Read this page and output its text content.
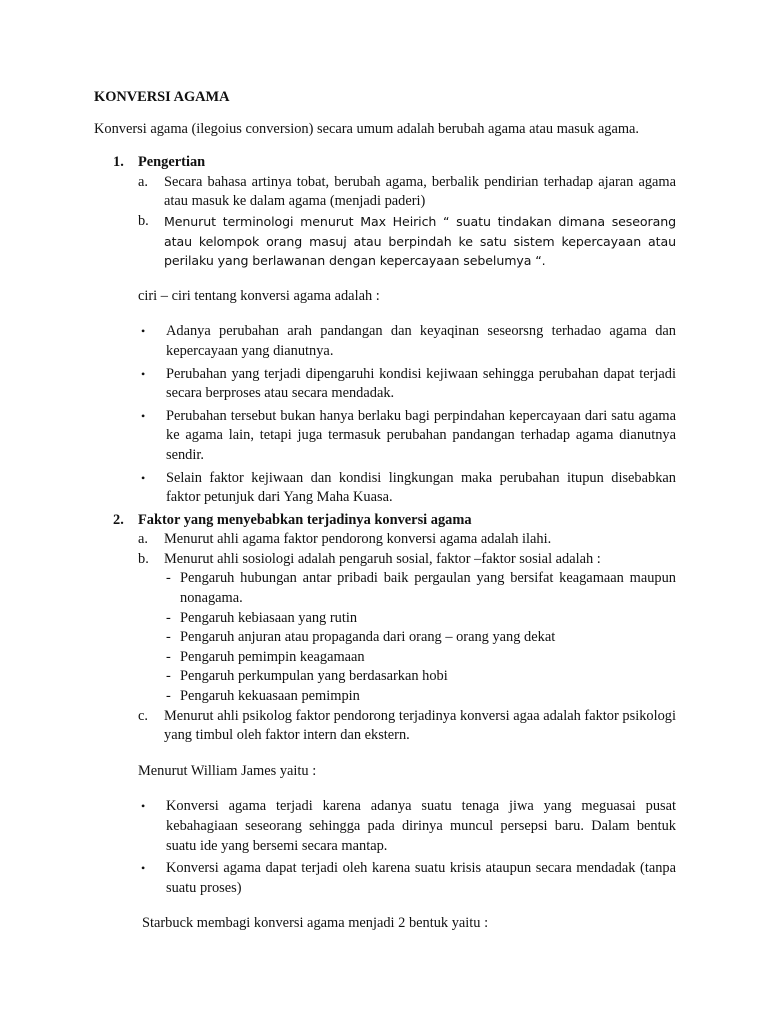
KONVERSI AGAMA

Konversi agama (ilegoius conversion) secara umum adalah berubah agama atau masuk agama.

1. Pengertian
a. Secara bahasa artinya tobat, berubah agama, berbalik pendirian terhadap ajaran agama atau masuk ke dalam agama (menjadi paderi)
b. Menurut terminologi menurut Max Heirich “ suatu tindakan dimana seseorang atau kelompok orang masuj atau berpindah ke satu sistem kepercayaan atau perilaku yang berlawanan dengan kepercayaan sebelumya “.

ciri – ciri tentang konversi agama adalah :

• Adanya perubahan arah pandangan dan keyaqinan seseorsng terhadao agama dan kepercayaan yang dianutnya.
• Perubahan yang terjadi dipengaruhi kondisi kejiwaan sehingga perubahan dapat terjadi secara berproses atau secara mendadak.
• Perubahan tersebut bukan hanya berlaku bagi perpindahan kepercayaan dari satu agama ke agama lain, tetapi juga termasuk perubahan pandangan terhadap agama dianutnya sendir.
• Selain faktor kejiwaan dan kondisi lingkungan maka perubahan itupun disebabkan faktor petunjuk dari Yang Maha Kuasa.
2. Faktor yang menyebabkan terjadinya konversi agama
a. Menurut ahli agama faktor pendorong konversi agama adalah ilahi.
b. Menurut ahli sosiologi adalah pengaruh sosial, faktor –faktor sosial adalah :
- Pengaruh hubungan antar pribadi baik pergaulan yang bersifat keagamaan maupun nonagama.
- Pengaruh kebiasaan yang rutin
- Pengaruh anjuran atau propaganda dari orang – orang yang dekat
- Pengaruh pemimpin keagamaan
- Pengaruh perkumpulan yang berdasarkan hobi
- Pengaruh kekuasaan pemimpin
c. Menurut ahli psikolog faktor pendorong terjadinya konversi agaa adalah faktor psikologi yang timbul oleh faktor intern dan ekstern.

Menurut William James yaitu :

• Konversi agama terjadi karena adanya suatu tenaga jiwa yang meguasai pusat kebahagiaan seseorang sehingga pada dirinya muncul persepsi baru. Dalam bentuk suatu ide yang bersemi secara mantap.
• Konversi agama dapat terjadi oleh karena suatu krisis ataupun secara mendadak (tanpa suatu proses)

Starbuck membagi konversi agama menjadi 2 bentuk yaitu :
